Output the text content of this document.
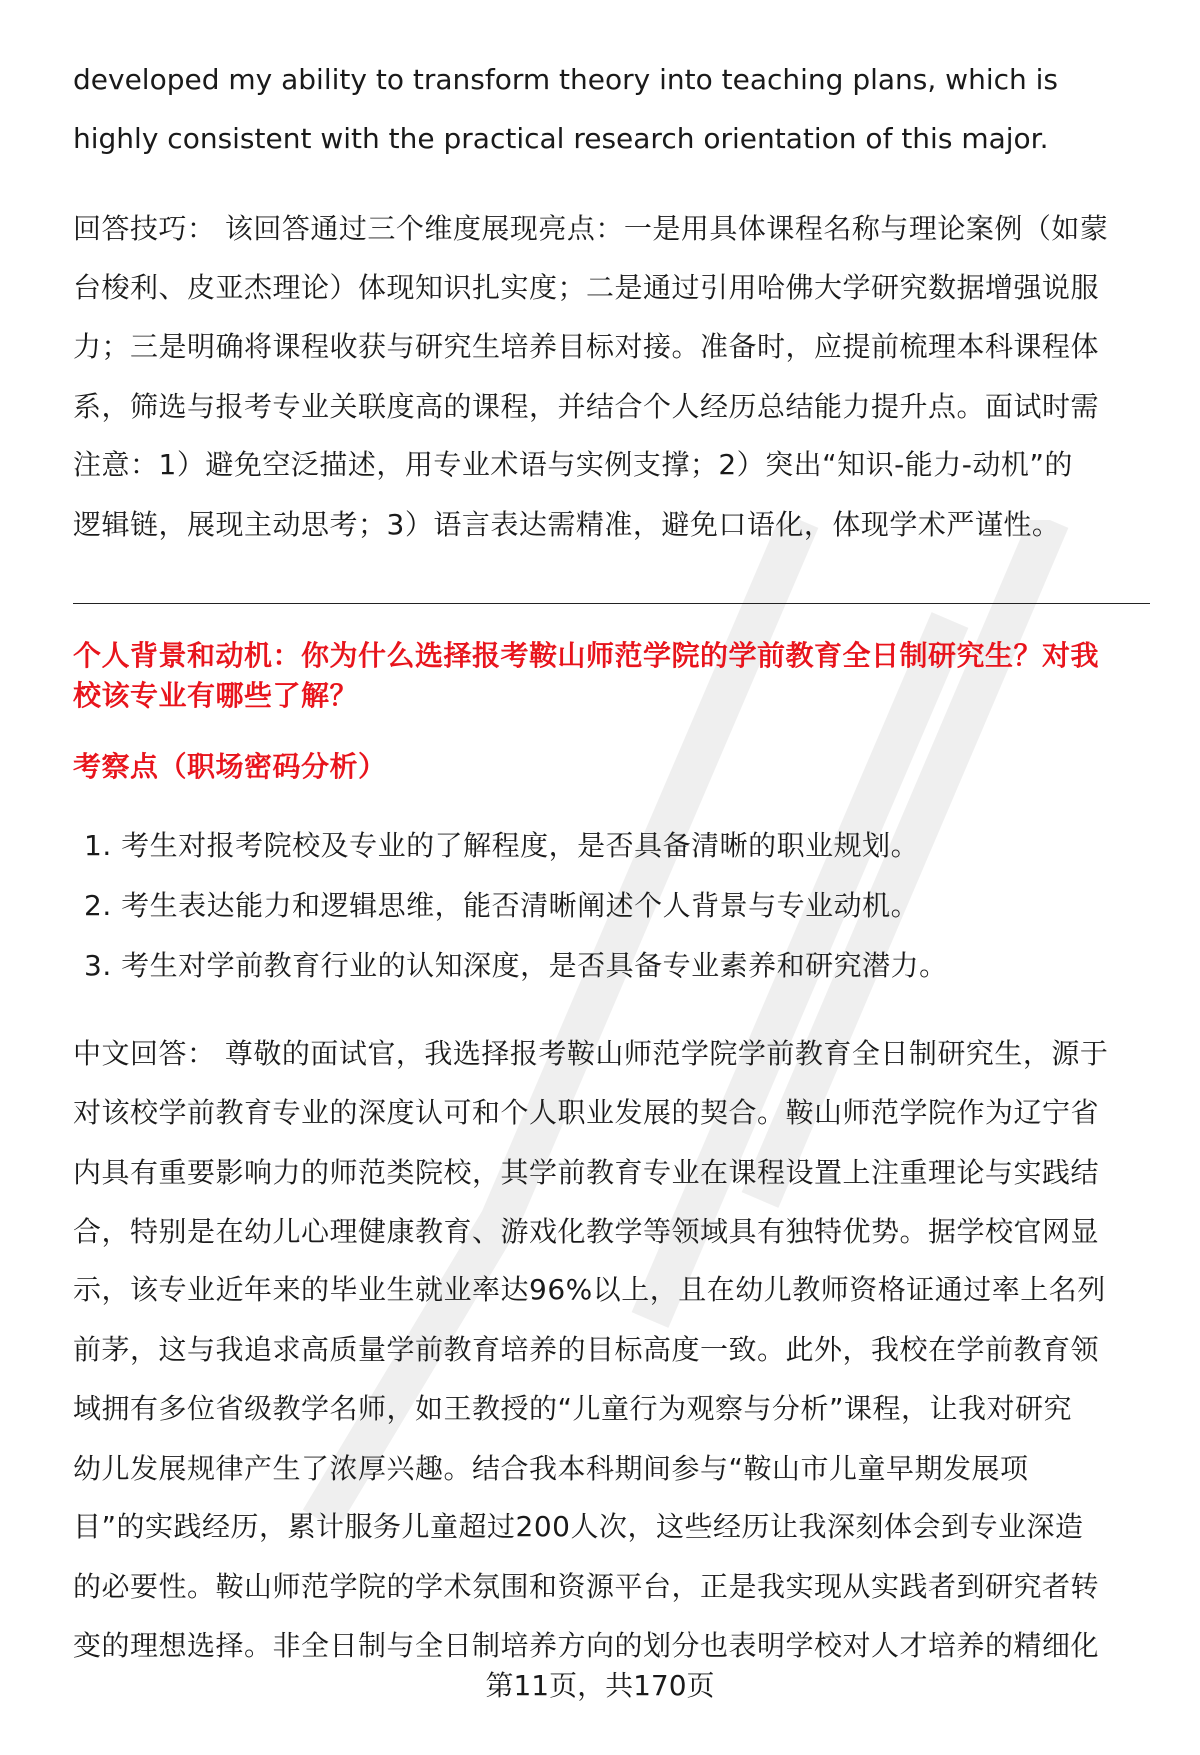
developed my ability to transform theory into teaching plans, which is
highly consistent with the practical research orientation of this major.
回答技巧： 该回答通过三个维度展现亮点：一是用具体课程名称与理论案例（如蒙
台梭利、皮亚杰理论）体现知识扎实度；二是通过引用哈佛大学研究数据增强说服
力；三是明确将课程收获与研究生培养目标对接。准备时，应提前梳理本科课程体
系，筛选与报考专业关联度高的课程，并结合个人经历总结能力提升点。面试时需
注意：1）避免空泛描述，用专业术语与实例支撑；2）突出“知识-能力-动机”的
逻辑链，展现主动思考；3）语言表达需精准，避免口语化，体现学术严谨性。
个人背景和动机：你为什么选择报考鞍山师范学院的学前教育全日制研究生？对我
校该专业有哪些了解？
考察点（职场密码分析）
1. 考生对报考院校及专业的了解程度，是否具备清晰的职业规划。
2. 考生表达能力和逻辑思维，能否清晰阐述个人背景与专业动机。
3. 考生对学前教育行业的认知深度，是否具备专业素养和研究潜力。
中文回答： 尊敬的面试官，我选择报考鞍山师范学院学前教育全日制研究生，源于
对该校学前教育专业的深度认可和个人职业发展的契合。鞍山师范学院作为辽宁省
内具有重要影响力的师范类院校，其学前教育专业在课程设置上注重理论与实践结
合，特别是在幼儿心理健康教育、游戏化教学等领域具有独特优势。据学校官网显
示，该专业近年来的毕业生就业率达96%以上，且在幼儿教师资格证通过率上名列
前茅，这与我追求高质量学前教育培养的目标高度一致。此外，我校在学前教育领
域拥有多位省级教学名师，如王教授的“儿童行为观察与分析”课程，让我对研究
幼儿发展规律产生了浓厚兴趣。结合我本科期间参与“鞍山市儿童早期发展项
目”的实践经历，累计服务儿童超过200人次，这些经历让我深刻体会到专业深造
的必要性。鞍山师范学院的学术氛围和资源平台，正是我实现从实践者到研究者转
变的理想选择。非全日制与全日制培养方向的划分也表明学校对人才培养的精细化
第11页，共170页
